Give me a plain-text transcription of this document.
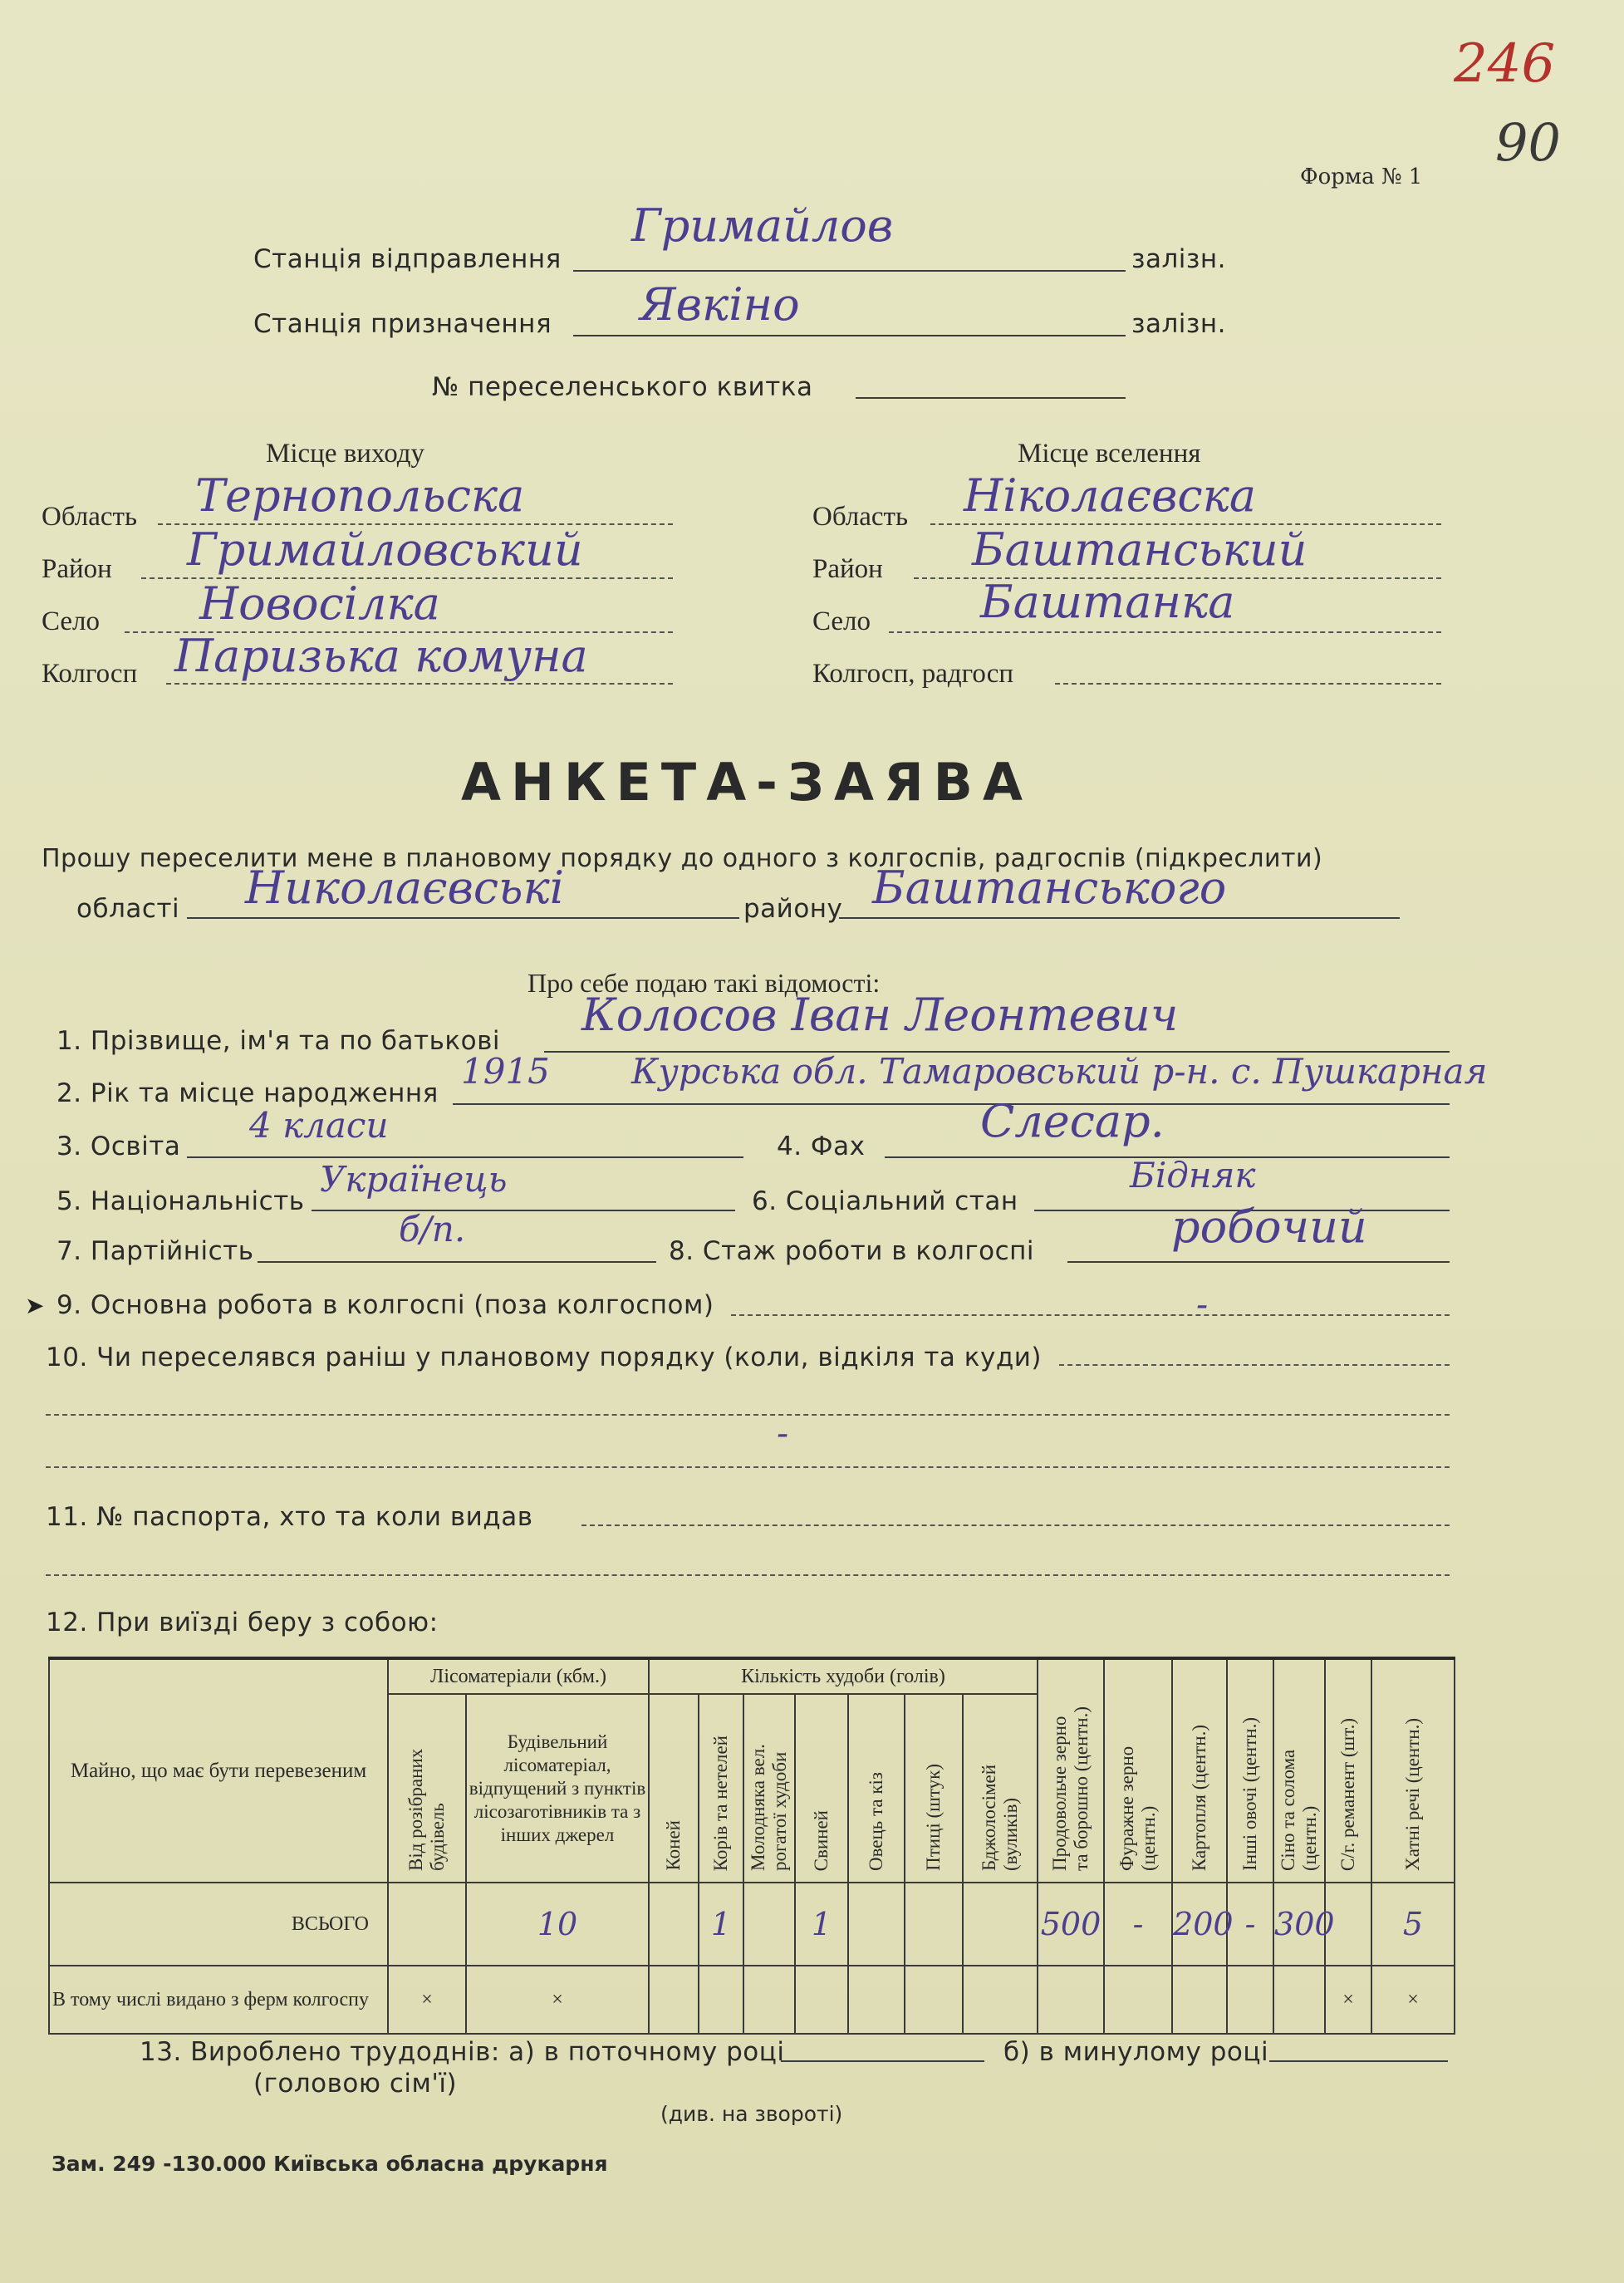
246
90
Форма № 1
Станція відправлення
Гримайлов
залізн.
Станція призначення Явкіно	залізн.
№ переселенського квитка
Місце виходу
Область Тернопольска
Район Гримайловський
Село Новосілка
Колгосп Паризька комуна
Місце вселення
Область Ніколаєвска
Район Баштанський
Село Баштанка
Колгосп, радгосп
АНКЕТА-ЗАЯВА
Прошу переселити мене в плановому порядку до одного з колгоспів, радгоспів (підкреслити)
області Николаєвські	району Баштанського
Про себе подаю такі відомості:
1. Прізвище, ім'я та по батькові Колосов Іван Леонтевич
2. Рік та місце народження
1915 Курська обл. Тамаровський р-н. с. Пушкарная
3. Освіта
4 класи
4. Фах	Слесар.
5. Національність
Українець
6. Соціальний стан
Бідняк
7. Партійність
б/п.
8. Стаж роботи в колгоспі	робочий
➤ 9. Основна робота в колгоспі (поза колгоспом)	-
10. Чи переселявся раніш у плановому порядку (коли, відкіля та куди)
-
11. № паспорта, хто та коли видав
12. При виїзді беру з собою:
Майно, що має бути перевезеним	Лісоматеріали (кбм.)		Кількість худоби (голів)							Продовольче зерно та борошно (центн.)	Фуражне зерно (центн.)	Картопля (центн.)	Інші овочі (центн.)	Сіно та солома (центн.)	С/г. реманент (шт.)	Хатні речі (центн.)
	Від розібраних будівель	Будівельний лісоматеріал, відпущений з пунктів лісозаготівників та з інших джерел	Коней	Корів та нетелей	Молодняка вел. рогатої худоби	Свиней	Овець та кіз	Птиці (штук)	Бджолосімей (вуликів)							
ВСЬОГО		10		1		1				500	-	200	-	300		5
В тому числі видано з ферм колгоспу	×	×													×	×
13. Вироблено трудоднів: а) в поточному році	б) в минулому році
(головою сім'ї)
(див. на звороті)
Зам. 249 -130.000 Київська обласна друкарня
